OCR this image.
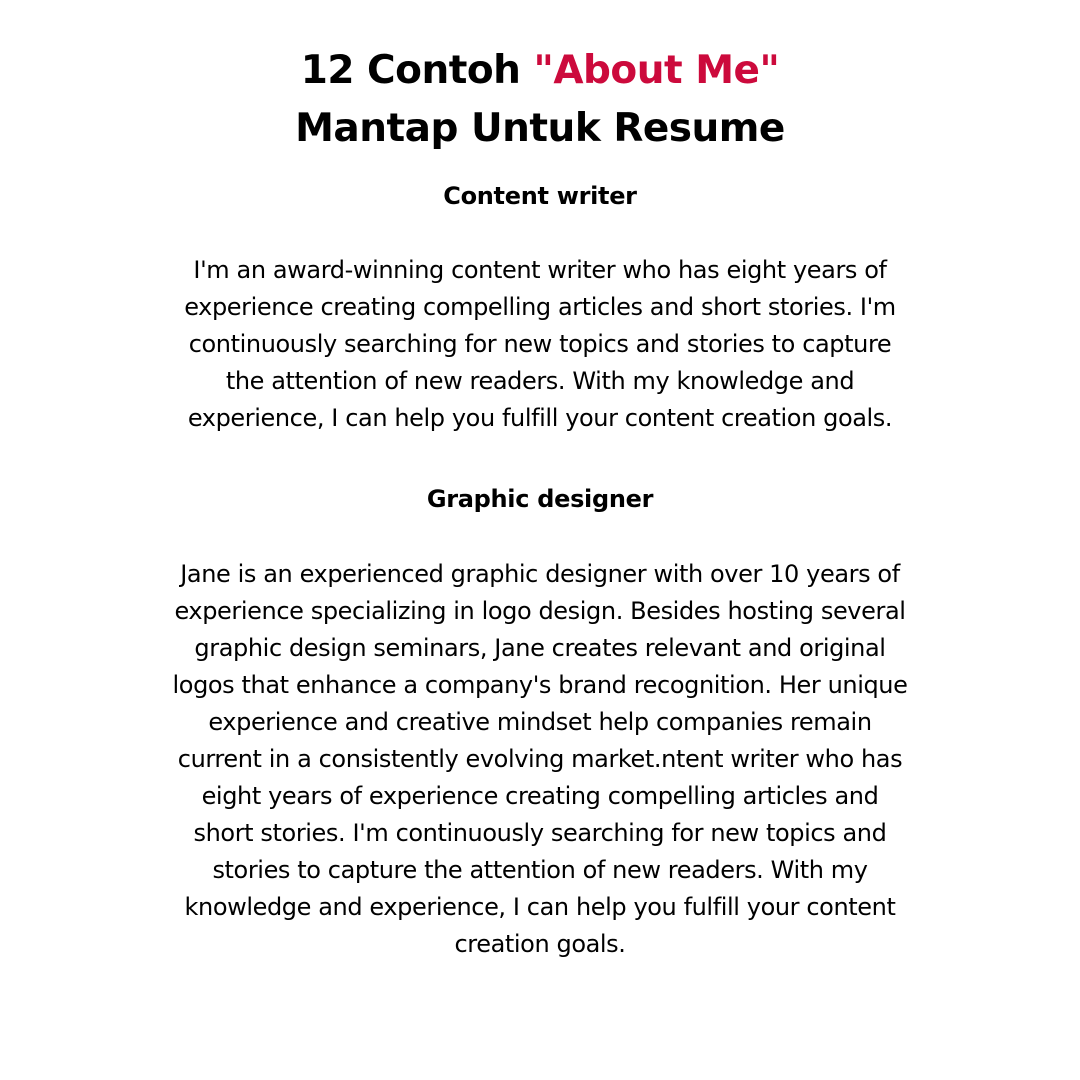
12 Contoh "About Me"
Mantap Untuk Resume
Content writer
I'm an award-winning content writer who has eight years of experience creating compelling articles and short stories. I'm continuously searching for new topics and stories to capture the attention of new readers. With my knowledge and experience, I can help you fulfill your content creation goals.
Graphic designer
Jane is an experienced graphic designer with over 10 years of experience specializing in logo design. Besides hosting several graphic design seminars, Jane creates relevant and original logos that enhance a company's brand recognition. Her unique experience and creative mindset help companies remain current in a consistently evolving market.ntent writer who has eight years of experience creating compelling articles and short stories. I'm continuously searching for new topics and stories to capture the attention of new readers. With my knowledge and experience, I can help you fulfill your content creation goals.
